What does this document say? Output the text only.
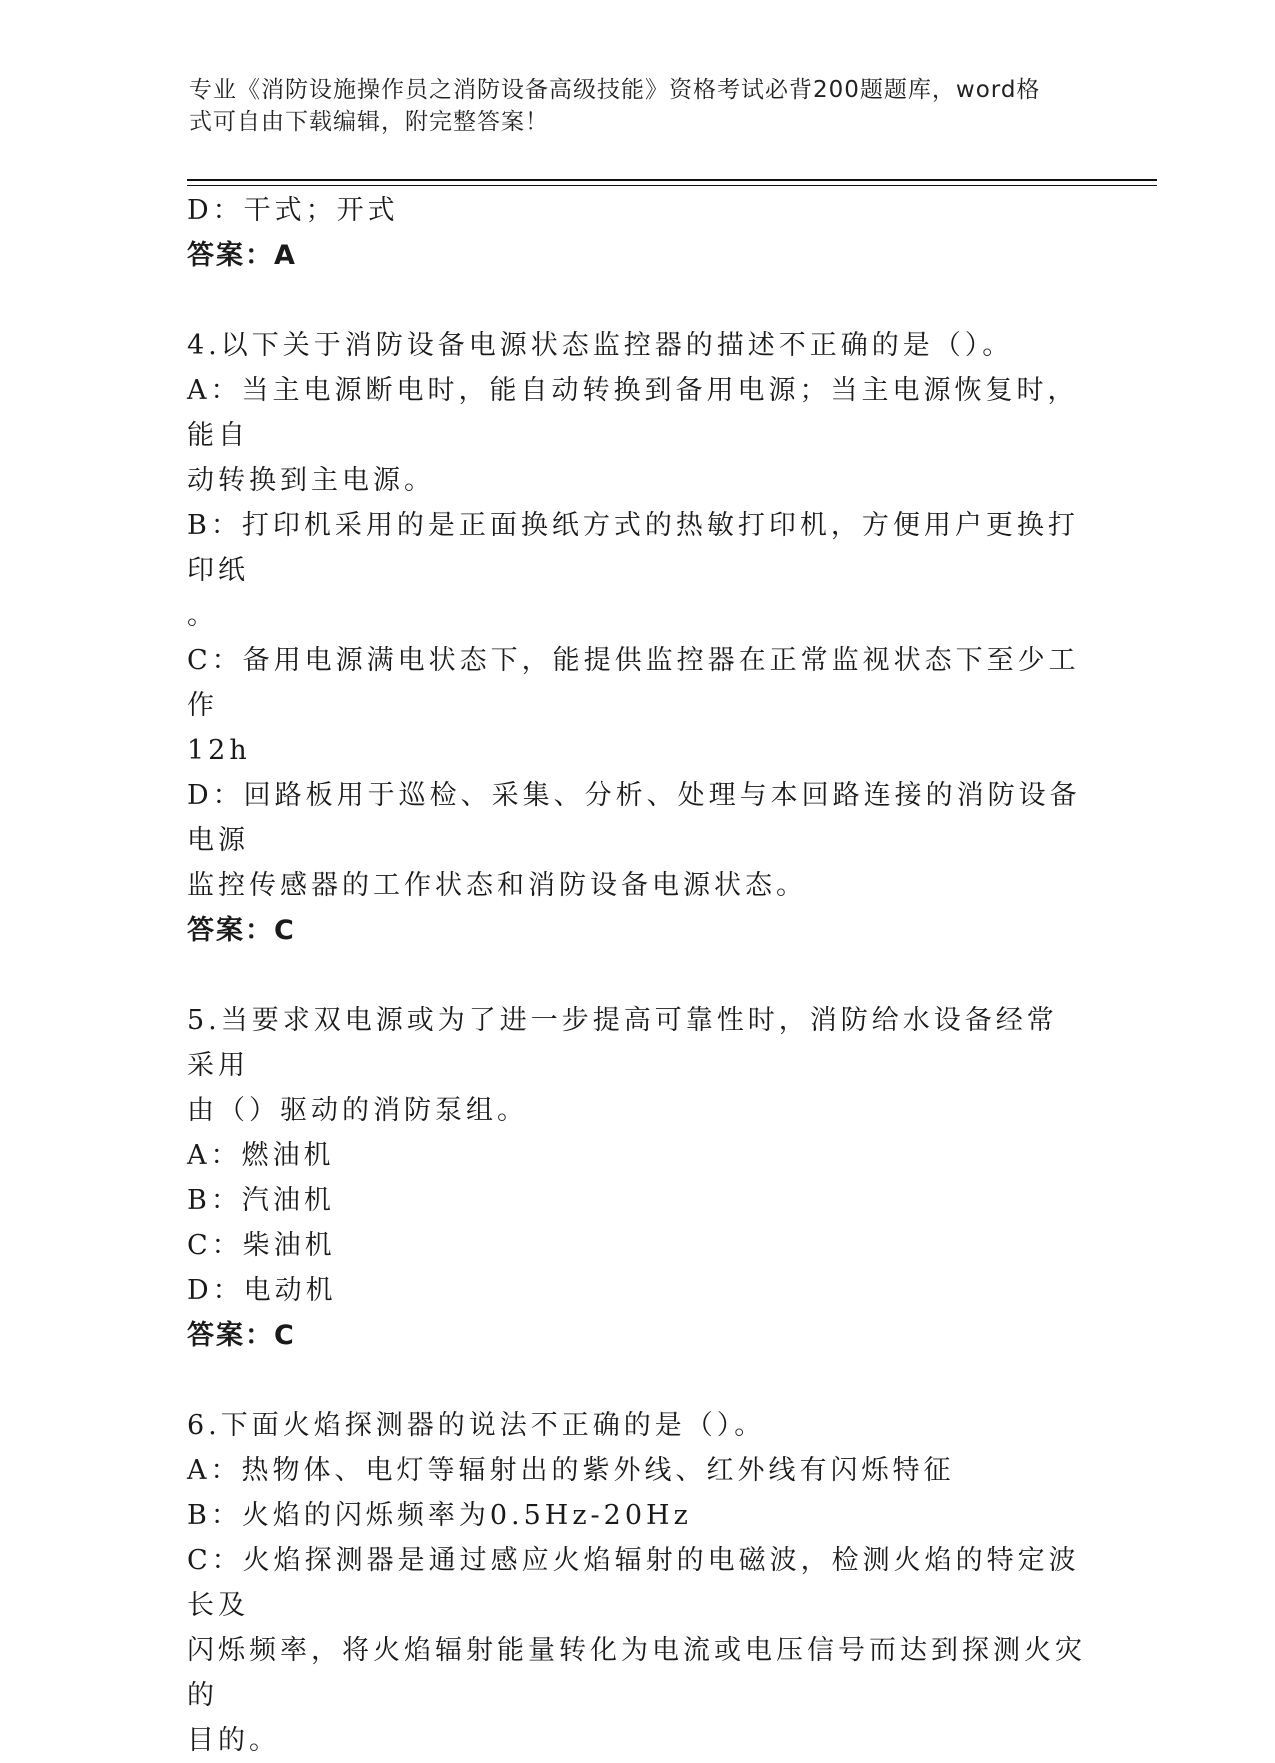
专业《消防设施操作员之消防设备高级技能》资格考试必背200题题库，word格
式可自由下载编辑，附完整答案！
D：干式；开式
答案：A
4.以下关于消防设备电源状态监控器的描述不正确的是（）。
A：当主电源断电时，能自动转换到备用电源；当主电源恢复时，能自
动转换到主电源。
B：打印机采用的是正面换纸方式的热敏打印机，方便用户更换打印纸
。
C：备用电源满电状态下，能提供监控器在正常监视状态下至少工作
12h
D：回路板用于巡检、采集、分析、处理与本回路连接的消防设备电源
监控传感器的工作状态和消防设备电源状态。
答案：C
5.当要求双电源或为了进一步提高可靠性时，消防给水设备经常采用
由（）驱动的消防泵组。
A：燃油机
B：汽油机
C：柴油机
D：电动机
答案：C
6.下面火焰探测器的说法不正确的是（）。
A：热物体、电灯等辐射出的紫外线、红外线有闪烁特征
B：火焰的闪烁频率为0.5Hz-20Hz
C：火焰探测器是通过感应火焰辐射的电磁波，检测火焰的特定波长及
闪烁频率，将火焰辐射能量转化为电流或电压信号而达到探测火灾的
目的。
